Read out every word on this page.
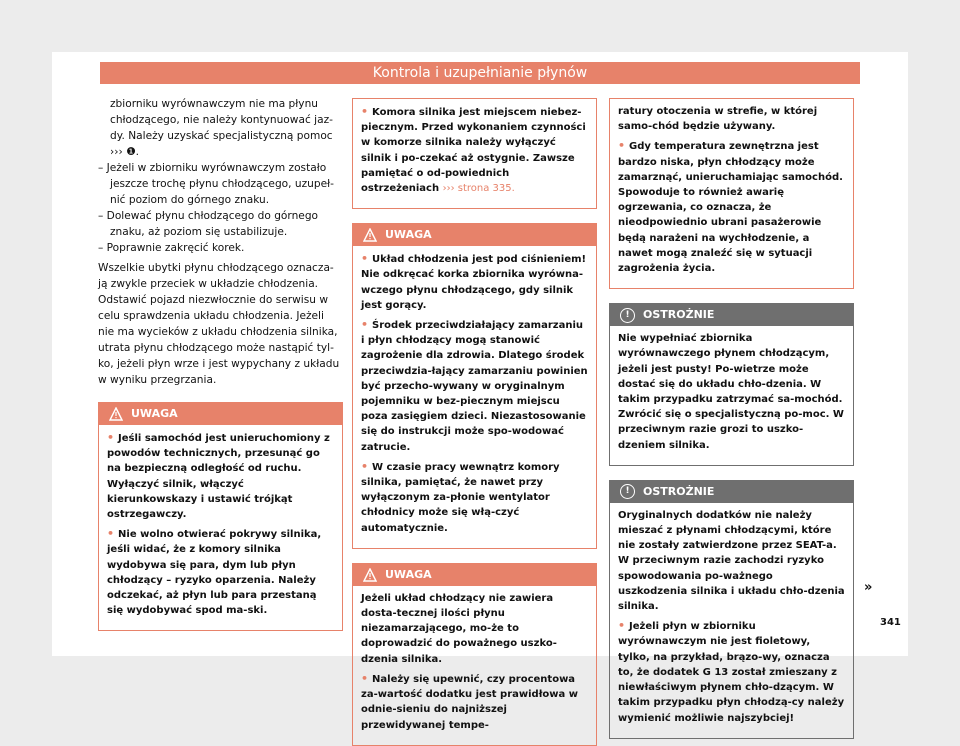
Kontrola i uzupełnianie płynów

zbiorniku wyrównawczym nie ma płynu chłodzącego, nie należy kontynuować jaz-dy. Należy uzyskać specjalistyczną pomoc ››› ❶.

– Jeżeli w zbiorniku wyrównawczym zostało jeszcze trochę płynu chłodzącego, uzupeł-nić poziom do górnego znaku.

– Dolewać płynu chłodzącego do górnego znaku, aż poziom się ustabilizuje.

– Poprawnie zakręcić korek.

Wszelkie ubytki płynu chłodzącego oznacza-ją zwykle przeciek w układzie chłodzenia. Odstawić pojazd niezwłocznie do serwisu w celu sprawdzenia układu chłodzenia. Jeżeli nie ma wycieków z układu chłodzenia silnika, utrata płynu chłodzącego może nastąpić tyl-ko, jeżeli płyn wrze i jest wypychany z układu w wyniku przegrzania.

UWAGA

• Jeśli samochód jest unieruchomiony z powodów technicznych, przesunąć go na bezpieczną odległość od ruchu. Wyłączyć silnik, włączyć kierunkowskazy i ustawić trójkąt ostrzegawczy.

• Nie wolno otwierać pokrywy silnika, jeśli widać, że z komory silnika wydobywa się para, dym lub płyn chłodzący – ryzyko oparzenia. Należy odczekać, aż płyn lub para przestaną się wydobywać spod ma-ski.

• Komora silnika jest miejscem niebez-piecznym. Przed wykonaniem czynności w komorze silnika należy wyłączyć silnik i po-czekać aż ostygnie. Zawsze pamiętać o od-powiednich ostrzeżeniach ››› strona 335.

UWAGA

• Układ chłodzenia jest pod ciśnieniem! Nie odkręcać korka zbiornika wyrówna-wczego płynu chłodzącego, gdy silnik jest gorący.

• Środek przeciwdziałający zamarzaniu i płyn chłodzący mogą stanowić zagrożenie dla zdrowia. Dlatego środek przeciwdzia-łający zamarzaniu powinien być przecho-wywany w oryginalnym pojemniku w bez-piecznym miejscu poza zasięgiem dzieci. Niezastosowanie się do instrukcji może spo-wodować zatrucie.

• W czasie pracy wewnątrz komory silnika, pamiętać, że nawet przy wyłączonym za-płonie wentylator chłodnicy może się włą-czyć automatycznie.

UWAGA

Jeżeli układ chłodzący nie zawiera dosta-tecznej ilości płynu niezamarzającego, mo-że to doprowadzić do poważnego uszko-dzenia silnika.

• Należy się upewnić, czy procentowa za-wartość dodatku jest prawidłowa w odnie-sieniu do najniższej przewidywanej tempe-

ratury otoczenia w strefie, w której samo-chód będzie używany.

• Gdy temperatura zewnętrzna jest bardzo niska, płyn chłodzący może zamarznąć, unieruchamiając samochód. Spowoduje to również awarię ogrzewania, co oznacza, że nieodpowiednio ubrani pasażerowie będą narażeni na wychłodzenie, a nawet mogą znaleźć się w sytuacji zagrożenia życia.

!	OSTROŻNIE

Nie wypełniać zbiornika wyrównawczego płynem chłodzącym, jeżeli jest pusty! Po-wietrze może dostać się do układu chło-dzenia. W takim przypadku zatrzymać sa-mochód. Zwrócić się o specjalistyczną po-moc. W przeciwnym razie grozi to uszko-dzeniem silnika.

!	OSTROŻNIE

Oryginalnych dodatków nie należy mieszać z płynami chłodzącymi, które nie zostały zatwierdzone przez SEAT-a. W przeciwnym razie zachodzi ryzyko spowodowania po-ważnego uszkodzenia silnika i układu chło-dzenia silnika.

• Jeżeli płyn w zbiorniku wyrównawczym nie jest fioletowy, tylko, na przykład, brązo-wy, oznacza to, że dodatek G 13 został zmieszany z niewłaściwym płynem chło-dzącym. W takim przypadku płyn chłodzą-cy należy wymienić możliwie najszybciej!

»
341
